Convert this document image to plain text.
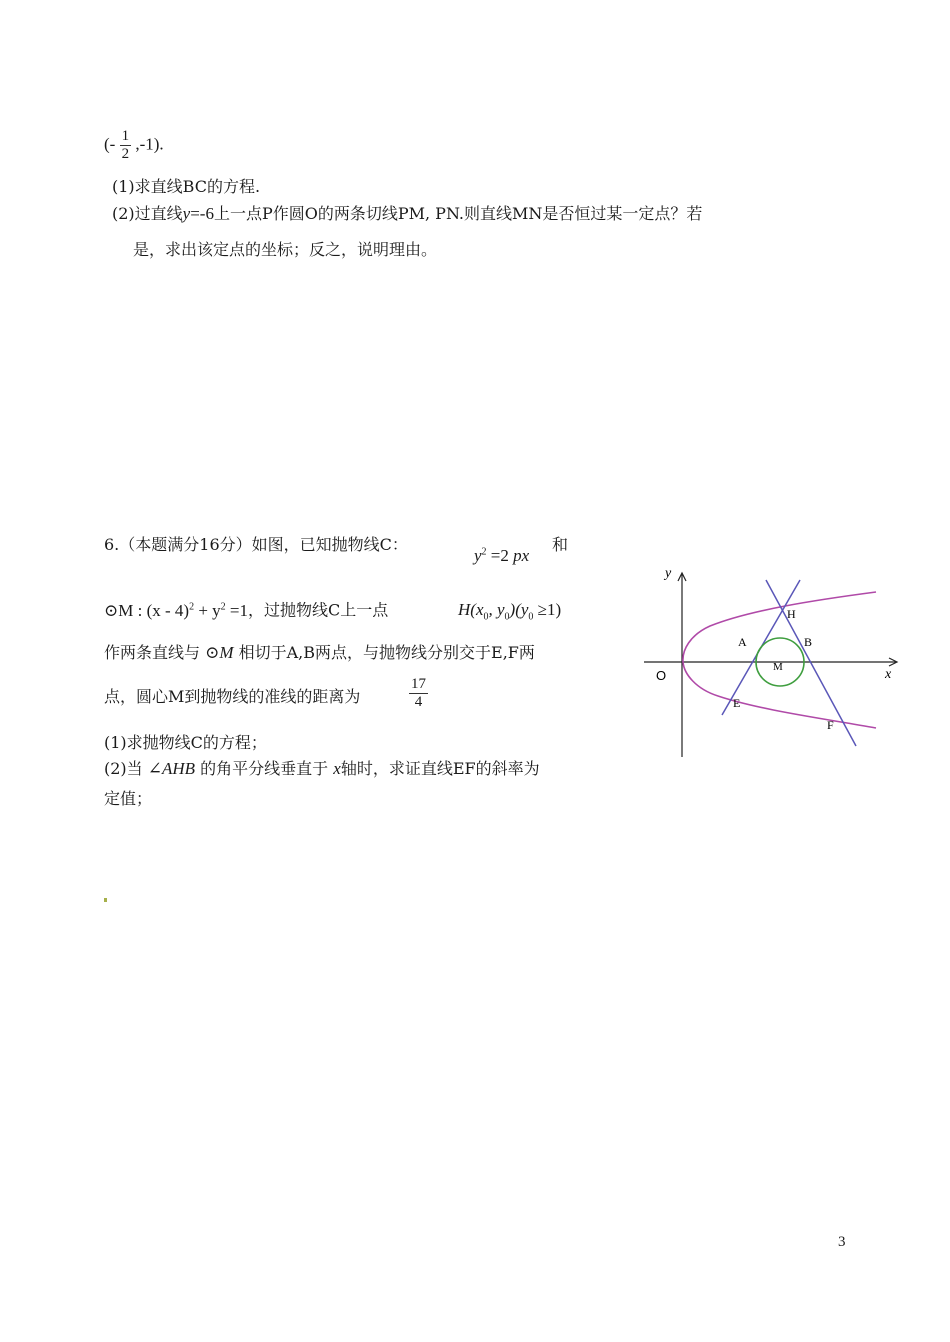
(- $\frac{1}{2} ,-1$).
(1)求直线BC的方程.
(2)过直线y=-6上一点P作圆O的两条切线PM, PN.则直线MN是否恒过某一定点？若
是，求出该定点的坐标；反之，说明理由。
6.（本题满分16分）如图，已知抛物线C：
$y^2 =2$ px
和
⊙M : $(x - 4)^2 + y^2 =1$，过抛物线C上一点	$H(x_0$, $y_0)(y_0 \ge 1)$
作两条直线与 ⊙M 相切于A,B两点，与抛物线分别交于E,F两
点，圆心M到抛物线的准线的距离为	$\frac{17}{4}$
(1)求抛物线C的方程；
(2)当 ∠AHB 的角平分线垂直于 x轴时，求证直线EF的斜率为
定值；
y
x
O
H
A	B
M
E
F
3
